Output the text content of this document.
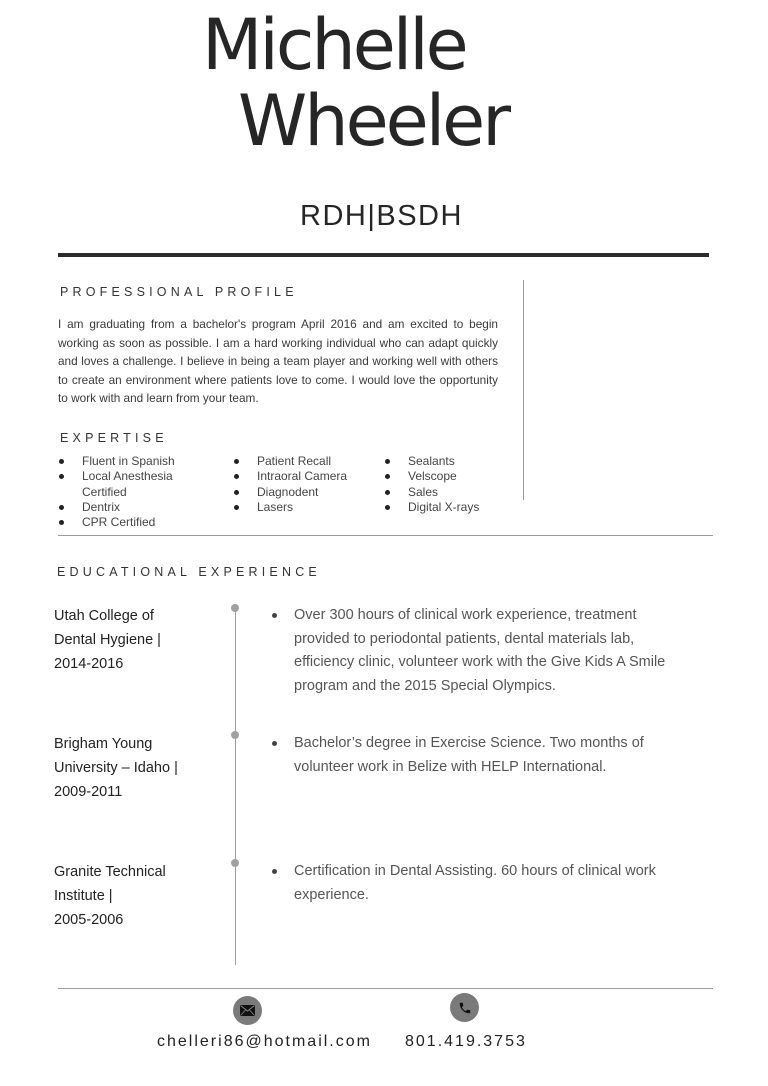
Michelle
Wheeler
RDH|BSDH
PROFESSIONAL PROFILE
I am graduating from a bachelor's program April 2016 and am excited to begin working as soon as possible. I am a hard working individual who can adapt quickly and loves a challenge. I believe in being a team player and working well with others to create an environment where patients love to come. I would love the opportunity to work with and learn from your team.
EXPERTISE
Fluent in Spanish
Local Anesthesia Certified
Dentrix
CPR Certified
Patient Recall
Intraoral Camera
Diagnodent
Lasers
Sealants
Velscope
Sales
Digital X-rays
EDUCATIONAL EXPERIENCE
Utah College of
Dental Hygiene |
2014-2016
Over 300 hours of clinical work experience, treatment provided to periodontal patients, dental materials lab, efficiency clinic, volunteer work with the Give Kids A Smile program and the 2015 Special Olympics.
Brigham Young
University – Idaho |
2009-2011
Bachelor’s degree in Exercise Science. Two months of volunteer work in Belize with HELP International.
Granite Technical
Institute |
2005-2006
Certification in Dental Assisting. 60 hours of clinical work experience.
chelleri86@hotmail.com 801.419.3753
